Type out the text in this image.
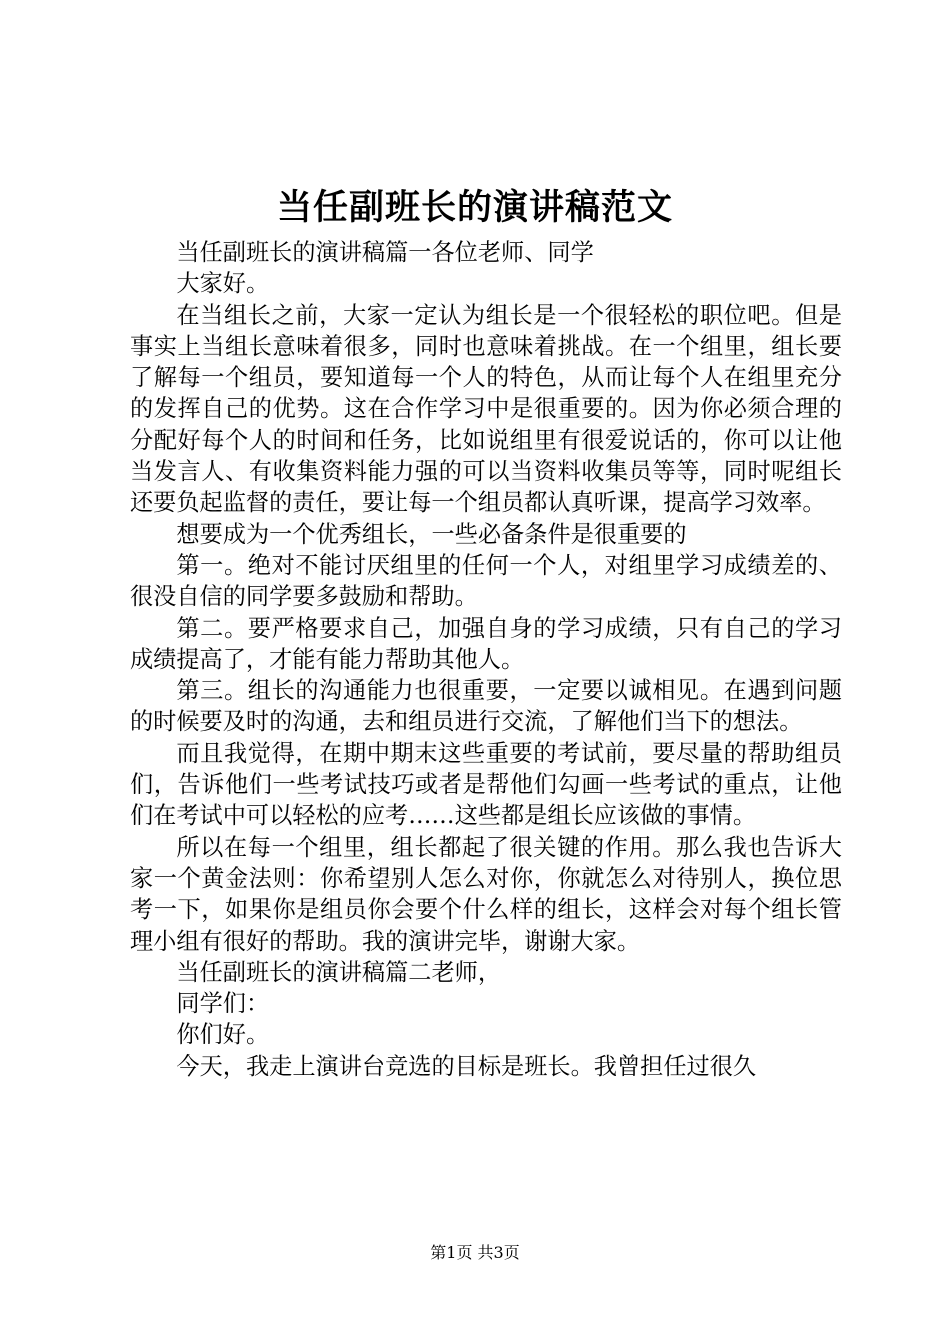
当任副班长的演讲稿范文

当任副班长的演讲稿篇一各位老师、同学

大家好。

在当组长之前，大家一定认为组长是一个很轻松的职位吧。但是事实上当组长意味着很多，同时也意味着挑战。在一个组里，组长要了解每一个组员，要知道每一个人的特色，从而让每个人在组里充分的发挥自己的优势。这在合作学习中是很重要的。因为你必须合理的分配好每个人的时间和任务，比如说组里有很爱说话的，你可以让他当发言人、有收集资料能力强的可以当资料收集员等等，同时呢组长还要负起监督的责任，要让每一个组员都认真听课，提高学习效率。

想要成为一个优秀组长，一些必备条件是很重要的

第一。绝对不能讨厌组里的任何一个人，对组里学习成绩差的、很没自信的同学要多鼓励和帮助。

第二。要严格要求自己，加强自身的学习成绩，只有自己的学习成绩提高了，才能有能力帮助其他人。

第三。组长的沟通能力也很重要，一定要以诚相见。在遇到问题的时候要及时的沟通，去和组员进行交流，了解他们当下的想法。

而且我觉得，在期中期末这些重要的考试前，要尽量的帮助组员们，告诉他们一些考试技巧或者是帮他们勾画一些考试的重点，让他们在考试中可以轻松的应考……这些都是组长应该做的事情。

所以在每一个组里，组长都起了很关键的作用。那么我也告诉大家一个黄金法则：你希望别人怎么对你，你就怎么对待别人，换位思考一下，如果你是组员你会要个什么样的组长，这样会对每个组长管理小组有很好的帮助。我的演讲完毕，谢谢大家。

当任副班长的演讲稿篇二老师，

同学们：

你们好。

今天，我走上演讲台竞选的目标是班长。我曾担任过很久

第1页 共3页
